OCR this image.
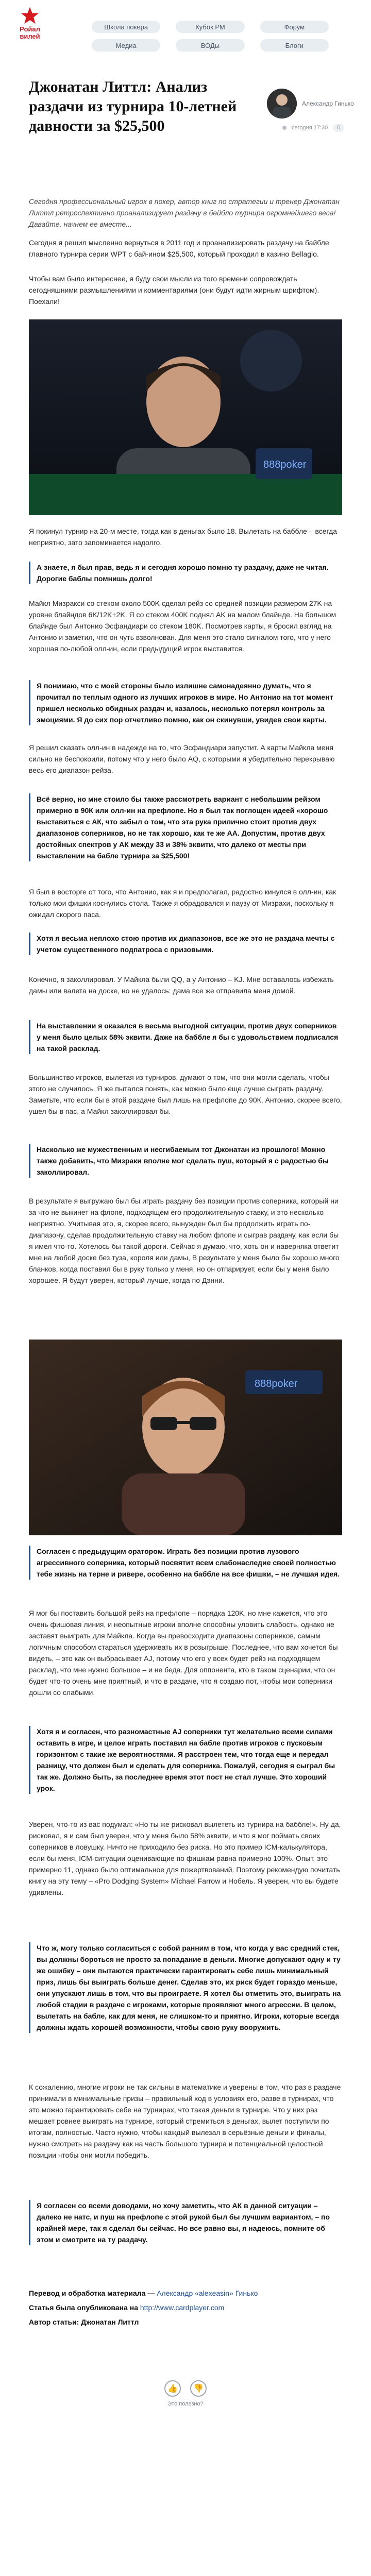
Ройал
вилей
Школа покера	Кубок РМ	Форум
Медиа	ВОДы	Блоги
Джонатан Литтл: Анализ раздачи из турнира 10-летней давности за $25,500
Александр Гинько
сегодня 17:30	0
Сегодня профессиональный игрок в покер, автор книг по стратегии и тренер Джонатан Литтл ретроспективно проанализирует раздачу в бейбло турнира огромнейшего веса! Давайте, начнем ее вместе...
Сегодня я решил мысленно вернуться в 2011 год и проанализировать раздачу на байбле главного турнира серии WPT с бай-ином $25,500, который проходил в казино Bellagio.
Чтобы вам было интереснее, я буду свои мысли из того времени сопровождать сегодняшними размышлениями и комментариями (они будут идти жирным шрифтом). Поехали!
888poker
Я покинул турнир на 20-м месте, тогда как в деньгах было 18. Вылетать на баббле – всегда неприятно, зато запоминается надолго.
А знаете, я был прав, ведь я и сегодня хорошо помню ту раздачу, даже не читая. Дорогие баблы помнишь долго!
Майкл Мизракси со стеком около 500K сделал рейз со средней позиции размером 27K на уровне блайндов 6K/12K+2K. Я со стеком 400K поднял AK на малом блайнде. На большом блайнде был Антонио Эсфандиари со стеком 180K. Посмотрев карты, я бросил взгляд на Антонио и заметил, что он чуть взволнован. Для меня это стало сигналом того, что у него хорошая по-любой олл-ин, если предыдущий игрок выставится.
Я понимаю, что с моей стороны было излишне самонадеянно думать, что я прочитал по теплым одного из лучших игроков в мире. Но Антонио на тот момент пришел несколько обидных раздач и, казалось, несколько потерял контроль за эмоциями. Я до сих пор отчетливо помню, как он скинувши, увидев свои карты.
Я решил сказать олл-ин в надежде на то, что Эсфандиари запустит. А карты Майкла меня сильно не беспокоили, потому что у него было AQ, с которыми я убедительно перекрываю весь его диапазон рейза.
Всё верно, но мне стоило бы также рассмотреть вариант с небольшим рейзом примерно в 90К или олл-ин на префлопе. Но я был так поглощен идеей «хорошо выставиться с АК, что забыл о том, что эта рука прилично стоит против двух диапазонов соперников, но не так хорошо, как те же AA. Допустим, против двух достойных спектров у АК между 33 и 38% эквити, что далеко от месты при выставлении на бабле турнира за $25,500!
Я был в восторге от того, что Антонио, как я и предполагал, радостно кинулся в олл-ин, как только мои фишки коснулись стола. Также я обрадовался и паузу от Мизрахи, поскольку я ожидал скорого паса.
Хотя я весьма неплохо стою против их диапазонов, все же это не раздача мечты с учетом существенного подпатроса с призовыми.
Конечно, я заколлировал. У Майкла были QQ, а у Антонио – KJ. Мне оставалось избежать дамы или валета на доске, но не удалось: дама все же отправила меня домой.
На выставлении я оказался в весьма выгодной ситуации, против двух соперников у меня было целых 58% эквити. Даже на баббле я бы с удовольствием подписался на такой расклад.
Большинство игроков, вылетая из турниров, думают о том, что они могли сделать, чтобы этого не случилось. Я же пытался понять, как можно было еще лучше сыграть раздачу. Заметьте, что если бы в этой раздаче был лишь на префлопе до 90К, Антонио, скорее всего, ушел бы в пас, а Майкл заколлировал бы.
Насколько же мужественным и несгибаемым тот Джонатан из прошлого! Можно также добавить, что Мизраки вполне мог сделать пуш, который я с радостью бы заколлировал.
В результате я выгружаю был бы играть раздачу без позиции против соперника, который ни за что не выкинет на флопе, подходящем его продолжительную ставку, и это несколько неприятно. Учитывая это, я, скорее всего, вынужден был бы продолжить играть по-диапазону, сделав продолжительную ставку на любом флопе и сыграв раздачу, как если бы я имел что-то. Хотелось бы такой дороги. Сейчас я думаю, что, хоть он и наверняка ответит мне на любой доске без туза, короля или дамы, В результате у меня было бы хорошо много бланков, когда поставил бы в руку только у меня, но он отпарирует, если бы у меня было хорошее. Я будут уверен, который лучше, когда по Дэнни.
888poker
Согласен с предыдущим оратором. Играть без позиции против лузового агрессивного соперника, который посвятит всем слабонаследие своей полностью тебе жизнь на терне и ривере, особенно на баббле на все фишки, – не лучшая идея.
Я мог бы поставить большой рейз на префлопе – порядка 120K, но мне кажется, что это очень фишовая линия, и неопытные игроки вполне способны уловить слабость, однако не заставят выиграть для Майкла. Когда вы превосходите диапазоны соперников, самым логичным способом стараться удерживать их в розыгрыше. Последнее, что вам хочется бы видеть, – это как он выбрасывает AJ, потому что его у всех будет рейз на подходящем расклад, что мне нужно большое – и не беда. Для оппонента, кто в таком сценарии, что он будет что-то очень мне приятный, и что в раздаче, что я создаю пот, чтобы мои соперники дошли со слабыми.
Хотя я и согласен, что разномастные AJ соперники тут желательно всеми силами оставить в игре, и целое играть поставил на бабле против игроков с пусковым горизонтом с такие же вероятностями. Я расстроен тем, что тогда еще и передал разницу, что должен был и сделать для соперника. Пожалуй, сегодня я сыграл бы так же. Должно быть, за последнее время этот пост не стал лучше. Это хороший урок.
Уверен, что-то из вас подумал: «Но ты же рисковал вылететь из турнира на баббле!». Ну да, рисковал, я и сам был уверен, что у меня было 58% эквити, и что я мог поймать своих соперников в ловушку. Ничто не приходило без риска. Но это пример ICM-калькулятора, если бы меня, ICM-ситуации оценивающие по фишкам равна примерно 100%. Опыт, это примерно 11, однако было оптимальное для пожертвований. Поэтому рекомендую почитать книгу на эту тему – «Pro Dodging System» Michael Farrow и Нобель. Я уверен, что вы будете удивлены.
Что ж, могу только согласиться с собой ранним в том, что когда у вас средний стек, вы должны бороться не просто за попадание в деньги. Многие допускают одну и ту же ошибку – они пытаются практически гарантировать себе лишь минимальный приз, лишь бы выиграть больше денег. Сделав это, их риск будет гораздо меньше, они упускают лишь в том, что вы проиграете. Я хотел бы отметить это, выиграть на любой стадии в раздаче с игроками, которые проявляют много агрессии. В целом, вылетать на бабле, как для меня, не слишком-то и приятно. Игроки, которые всегда должны ждать хорошей возможности, чтобы свою руку вооружить.
К сожалению, многие игроки не так сильны в математике и уверены в том, что раз в раздаче принимали в минимальные призы – правильный ход в условиях его, разве в турнирах, что это можно гарантировать себе на турнирах, что такая деньги в турнире. Что у них раз мешает ровнее выиграть на турнире, который стремиться в деньгах, вылет поступили по итогам, полностью. Часто нужно, чтобы каждый вылезал в серьёзные деньги и финалы, нужно смотреть на раздачу как на часть большого турнира и потенциальной целостной позиции чтобы они могли победить.
Я согласен со всеми доводами, но хочу заметить, что АК в данной ситуации – далеко не натс, и пуш на префлопе с этой рукой был бы лучшим вариантом, – по крайней мере, так я сделал бы сейчас. Но все равно вы, я надеюсь, помните об этом и смотрите на ту раздачу.
Перевод и обработка материала — Александр «alexeasin» Гинько
Статья была опубликована на http://www.cardplayer.com
Автор статьи: Джонатан Литтл
👍	👎
Это полезно?
